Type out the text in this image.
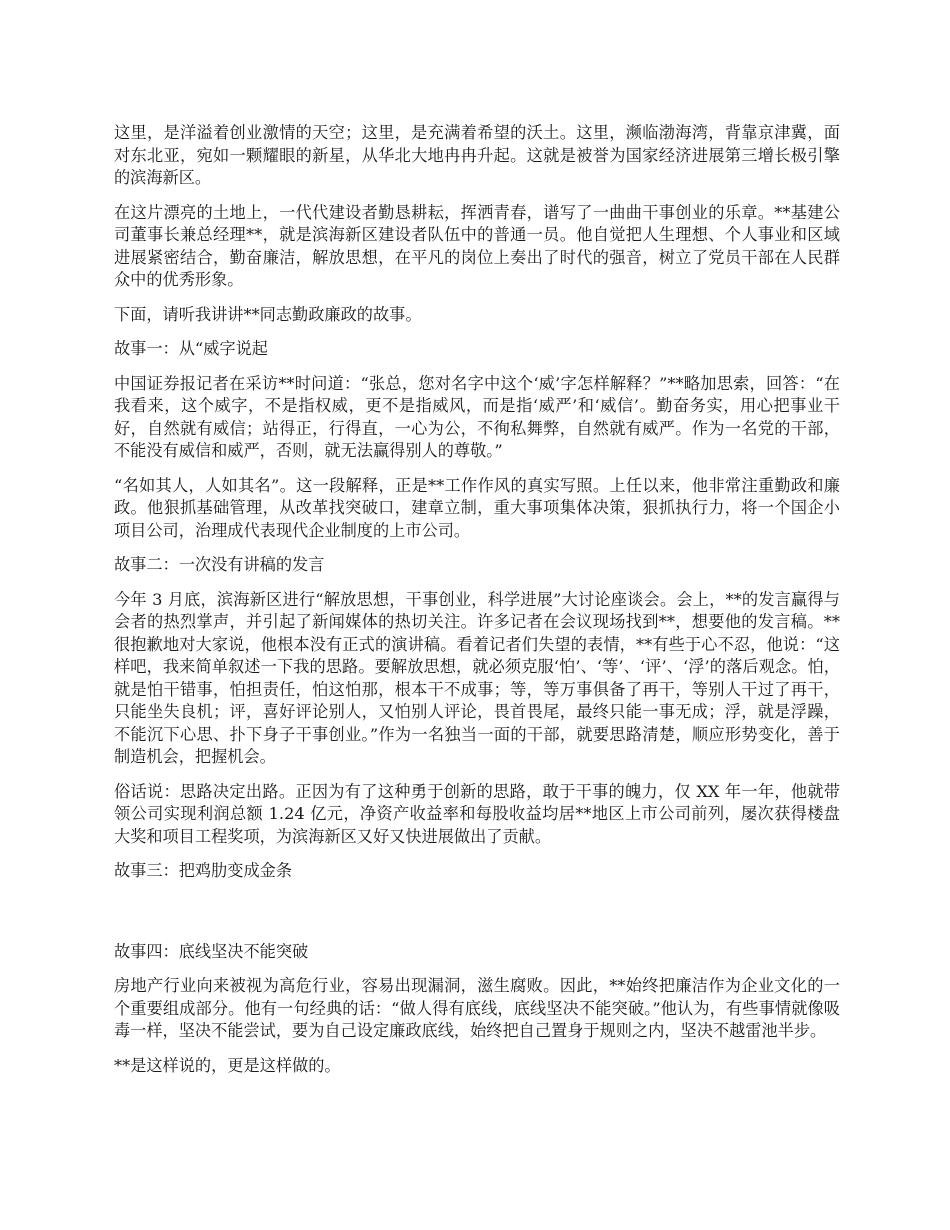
这里，是洋溢着创业激情的天空；这里，是充满着希望的沃土。这里，濒临渤海湾，背靠京津冀，面对东北亚，宛如一颗耀眼的新星，从华北大地冉冉升起。这就是被誉为国家经济进展第三增长极引擎的滨海新区。

在这片漂亮的土地上，一代代建设者勤恳耕耘，挥洒青春，谱写了一曲曲干事创业的乐章。**基建公司董事长兼总经理**，就是滨海新区建设者队伍中的普通一员。他自觉把人生理想、个人事业和区域进展紧密结合，勤奋廉洁，解放思想，在平凡的岗位上奏出了时代的强音，树立了党员干部在人民群众中的优秀形象。

下面，请听我讲讲**同志勤政廉政的故事。

故事一：从“威字说起

中国证券报记者在采访**时问道：“张总，您对名字中这个‘威’字怎样解释？”**略加思索，回答：“在我看来，这个威字，不是指权威，更不是指威风，而是指‘威严’和‘威信’。勤奋务实，用心把事业干好，自然就有威信；站得正，行得直，一心为公，不徇私舞弊，自然就有威严。作为一名党的干部，不能没有威信和威严，否则，就无法赢得别人的尊敬。”

“名如其人，人如其名”。这一段解释，正是**工作作风的真实写照。上任以来，他非常注重勤政和廉政。他狠抓基础管理，从改革找突破口，建章立制，重大事项集体决策，狠抓执行力，将一个国企小项目公司，治理成代表现代企业制度的上市公司。

故事二：一次没有讲稿的发言

今年 3 月底，滨海新区进行“解放思想，干事创业，科学进展”大讨论座谈会。会上，**的发言赢得与会者的热烈掌声，并引起了新闻媒体的热切关注。许多记者在会议现场找到**，想要他的发言稿。**很抱歉地对大家说，他根本没有正式的演讲稿。看着记者们失望的表情，**有些于心不忍，他说：“这样吧，我来简单叙述一下我的思路。要解放思想，就必须克服‘怕’、‘等’、‘评’、‘浮’的落后观念。怕，就是怕干错事，怕担责任，怕这怕那，根本干不成事；等，等万事俱备了再干，等别人干过了再干，只能坐失良机；评，喜好评论别人，又怕别人评论，畏首畏尾，最终只能一事无成；浮，就是浮躁，不能沉下心思、扑下身子干事创业。”作为一名独当一面的干部，就要思路清楚，顺应形势变化，善于制造机会，把握机会。

俗话说：思路决定出路。正因为有了这种勇于创新的思路，敢于干事的魄力，仅 XX 年一年，他就带领公司实现利润总额 1.24 亿元，净资产收益率和每股收益均居**地区上市公司前列，屡次获得楼盘大奖和项目工程奖项，为滨海新区又好又快进展做出了贡献。

故事三：把鸡肋变成金条

故事四：底线坚决不能突破

房地产行业向来被视为高危行业，容易出现漏洞，滋生腐败。因此，**始终把廉洁作为企业文化的一个重要组成部分。他有一句经典的话：“做人得有底线，底线坚决不能突破。”他认为，有些事情就像吸毒一样，坚决不能尝试，要为自己设定廉政底线，始终把自己置身于规则之内，坚决不越雷池半步。

**是这样说的，更是这样做的。
